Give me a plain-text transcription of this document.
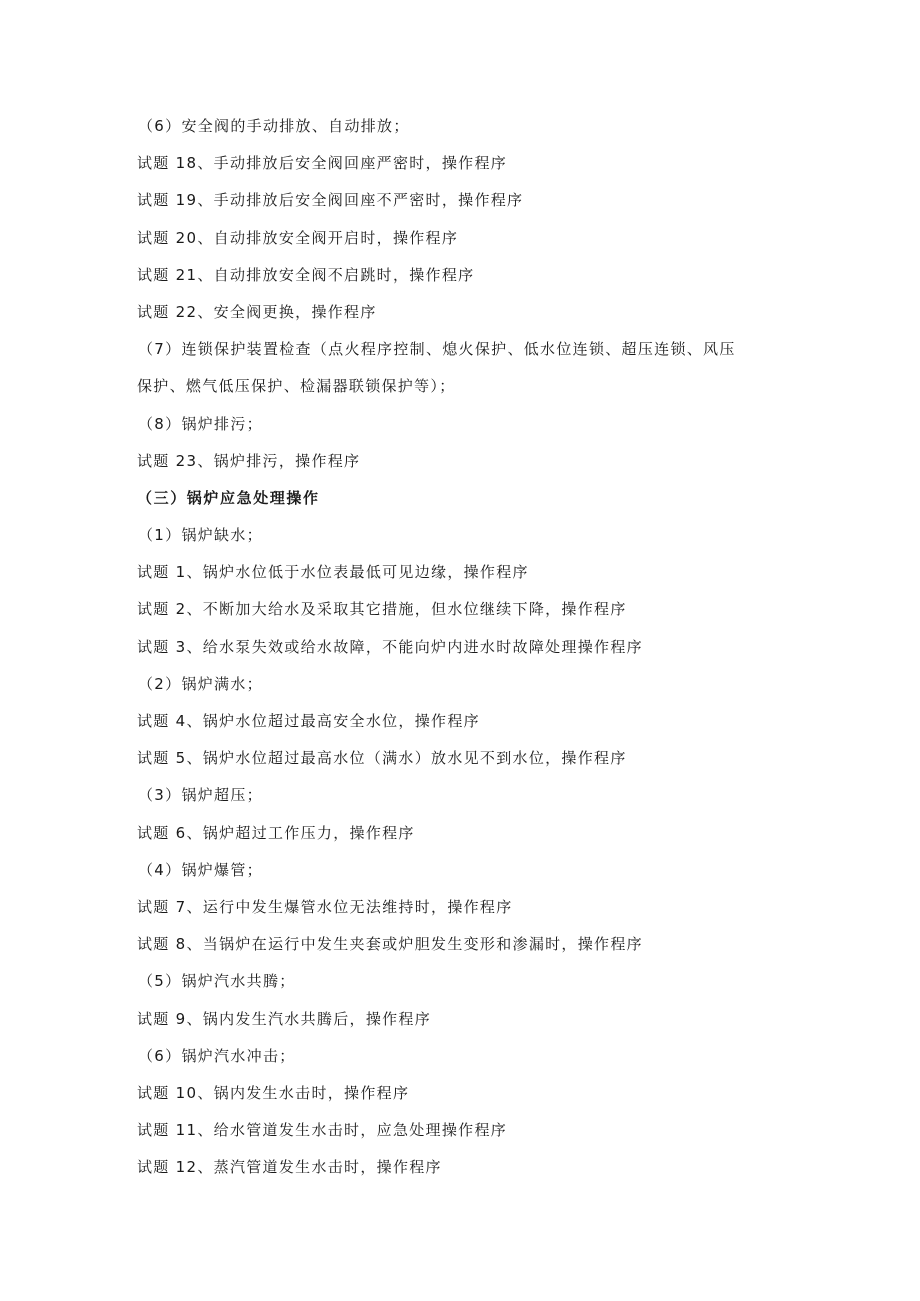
（6）安全阀的手动排放、自动排放；
试题 18、手动排放后安全阀回座严密时，操作程序
试题 19、手动排放后安全阀回座不严密时，操作程序
试题 20、自动排放安全阀开启时，操作程序
试题 21、自动排放安全阀不启跳时，操作程序
试题 22、安全阀更换，操作程序
（7）连锁保护装置检查（点火程序控制、熄火保护、低水位连锁、超压连锁、风压
保护、燃气低压保护、检漏器联锁保护等）；
（8）锅炉排污；
试题 23、锅炉排污，操作程序
（三）锅炉应急处理操作
（1）锅炉缺水；
试题 1、锅炉水位低于水位表最低可见边缘，操作程序
试题 2、不断加大给水及采取其它措施，但水位继续下降，操作程序
试题 3、给水泵失效或给水故障，不能向炉内进水时故障处理操作程序
（2）锅炉满水；
试题 4、锅炉水位超过最高安全水位，操作程序
试题 5、锅炉水位超过最高水位（满水）放水见不到水位，操作程序
（3）锅炉超压；
试题 6、锅炉超过工作压力，操作程序
（4）锅炉爆管；
试题 7、运行中发生爆管水位无法维持时，操作程序
试题 8、当锅炉在运行中发生夹套或炉胆发生变形和渗漏时，操作程序
（5）锅炉汽水共腾；
试题 9、锅内发生汽水共腾后，操作程序
（6）锅炉汽水冲击；
试题 10、锅内发生水击时，操作程序
试题 11、给水管道发生水击时，应急处理操作程序
试题 12、蒸汽管道发生水击时，操作程序
